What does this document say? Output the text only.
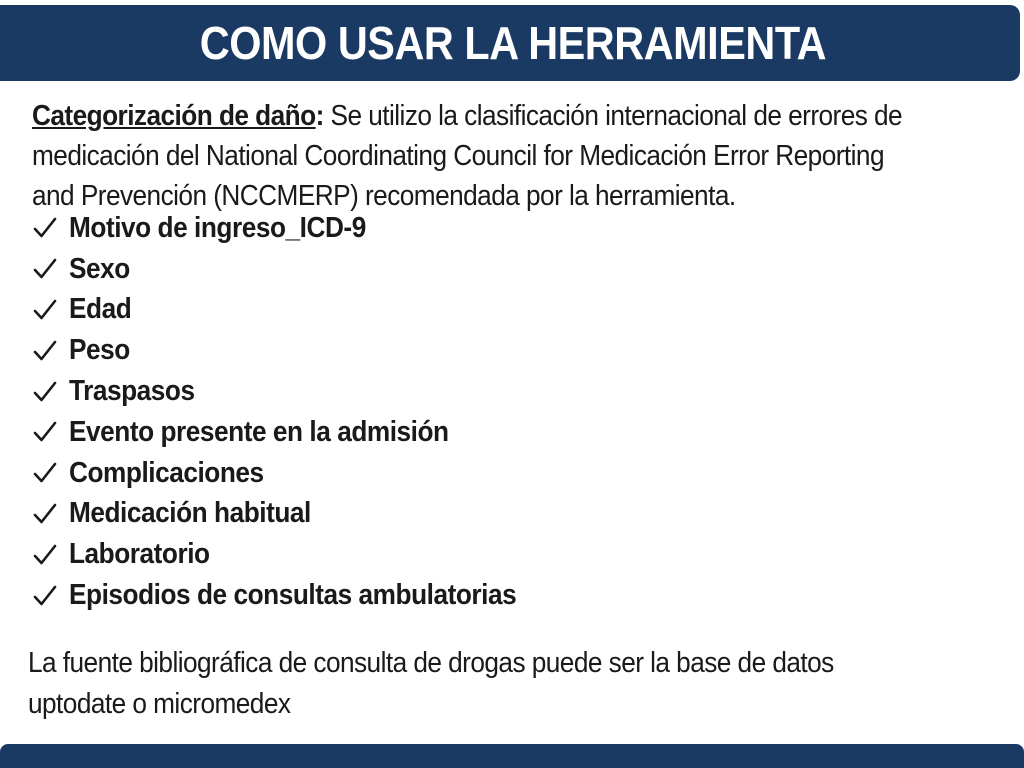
COMO USAR LA HERRAMIENTA
Categorización de daño: Se utilizo la clasificación internacional de errores de medicación del National Coordinating Council for Medicación Error Reporting and Prevención (NCCMERP) recomendada por la herramienta.
Motivo de ingreso_ICD-9
Sexo
Edad
Peso
Traspasos
Evento presente en la admisión
Complicaciones
Medicación habitual
Laboratorio
Episodios de consultas ambulatorias
La fuente bibliográfica de consulta de drogas puede ser la base de datos uptodate o micromedex
